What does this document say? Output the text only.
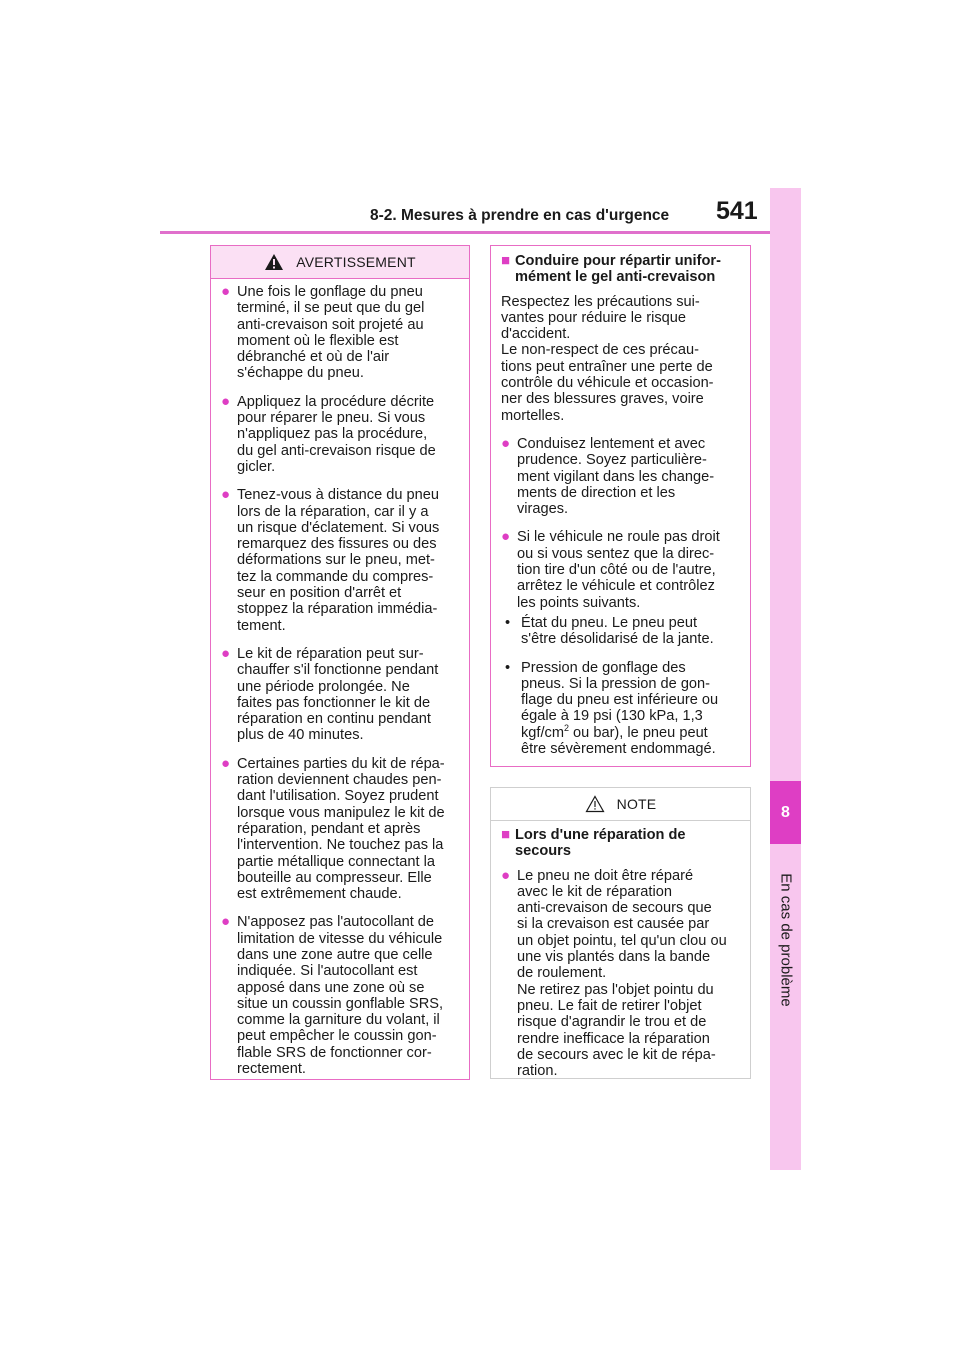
8-2. Mesures à prendre en cas d'urgence 541
8
En cas de problème
AVERTISSEMENT
● Une fois le gonflage du pneu
terminé, il se peut que du gel
anti-crevaison soit projeté au
moment où le flexible est
débranché et où de l'air
s'échappe du pneu.
● Appliquez la procédure décrite
pour réparer le pneu. Si vous
n'appliquez pas la procédure,
du gel anti-crevaison risque de
gicler.
● Tenez-vous à distance du pneu
lors de la réparation, car il y a
un risque d'éclatement. Si vous
remarquez des fissures ou des
déformations sur le pneu, met-
tez la commande du compres-
seur en position d'arrêt et
stoppez la réparation immédia-
tement.
● Le kit de réparation peut sur-
chauffer s'il fonctionne pendant
une période prolongée. Ne
faites pas fonctionner le kit de
réparation en continu pendant
plus de 40 minutes.
● Certaines parties du kit de répa-
ration deviennent chaudes pen-
dant l'utilisation. Soyez prudent
lorsque vous manipulez le kit de
réparation, pendant et après
l'intervention. Ne touchez pas la
partie métallique connectant la
bouteille au compresseur. Elle
est extrêmement chaude.
● N'apposez pas l'autocollant de
limitation de vitesse du véhicule
dans une zone autre que celle
indiquée. Si l'autocollant est
apposé dans une zone où se
situe un coussin gonflable SRS,
comme la garniture du volant, il
peut empêcher le coussin gon-
flable SRS de fonctionner cor-
rectement.
■ Conduire pour répartir unifor-
mément le gel anti-crevaison
Respectez les précautions sui-
vantes pour réduire le risque
d'accident.
Le non-respect de ces précau-
tions peut entraîner une perte de
contrôle du véhicule et occasion-
ner des blessures graves, voire
mortelles.
● Conduisez lentement et avec
prudence. Soyez particulière-
ment vigilant dans les change-
ments de direction et les
virages.
● Si le véhicule ne roule pas droit
ou si vous sentez que la direc-
tion tire d'un côté ou de l'autre,
arrêtez le véhicule et contrôlez
les points suivants.
• État du pneu. Le pneu peut
s'être désolidarisé de la jante.
• Pression de gonflage des
pneus. Si la pression de gon-
flage du pneu est inférieure ou
égale à 19 psi (130 kPa, 1,3
kgf/$cm^2$ ou bar), le pneu peut
être sévèrement endommagé.
NOTE
■ Lors d'une réparation de
secours
● Le pneu ne doit être réparé
avec le kit de réparation
anti-crevaison de secours que
si la crevaison est causée par
un objet pointu, tel qu'un clou ou
une vis plantés dans la bande
de roulement.
Ne retirez pas l'objet pointu du
pneu. Le fait de retirer l'objet
risque d'agrandir le trou et de
rendre inefficace la réparation
de secours avec le kit de répa-
ration.
